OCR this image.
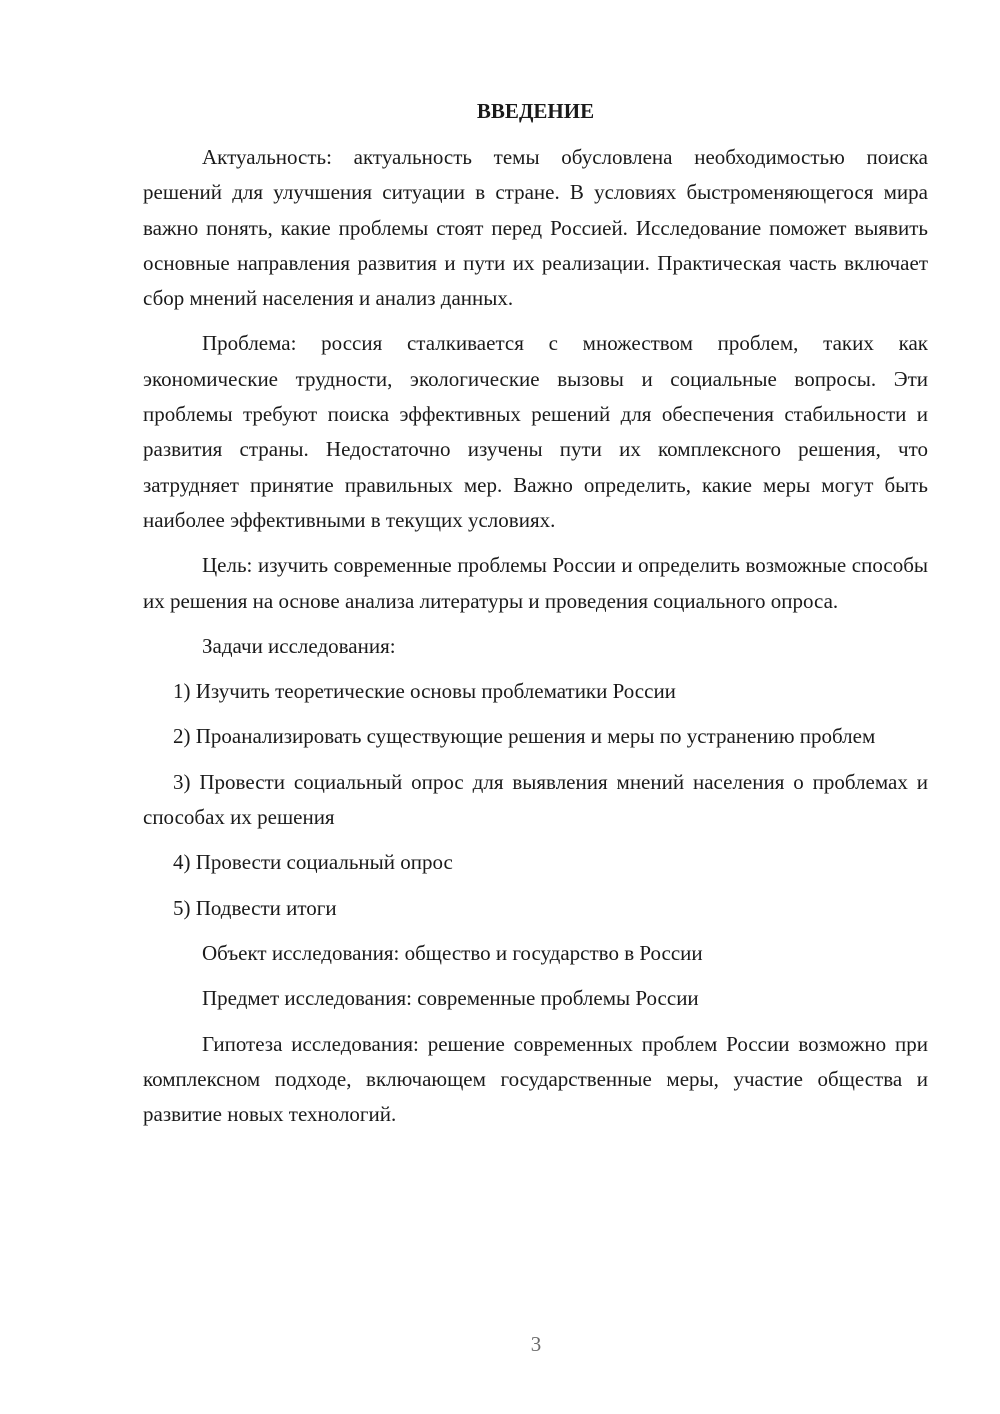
ВВЕДЕНИЕ

Актуальность: актуальность темы обусловлена необходимостью поиска решений для улучшения ситуации в стране. В условиях быстроменяющегося мира важно понять, какие проблемы стоят перед Россией. Исследование поможет выявить основные направления развития и пути их реализации. Практическая часть включает сбор мнений населения и анализ данных.

Проблема: россия сталкивается с множеством проблем, таких как экономические трудности, экологические вызовы и социальные вопросы. Эти проблемы требуют поиска эффективных решений для обеспечения стабильности и развития страны. Недостаточно изучены пути их комплексного решения, что затрудняет принятие правильных мер. Важно определить, какие меры могут быть наиболее эффективными в текущих условиях.

Цель: изучить современные проблемы России и определить возможные способы их решения на основе анализа литературы и проведения социального опроса.

Задачи исследования:

1) Изучить теоретические основы проблематики России

2) Проанализировать существующие решения и меры по устранению проблем

3) Провести социальный опрос для выявления мнений населения о проблемах и способах их решения

4) Провести социальный опрос

5) Подвести итоги

Объект исследования: общество и государство в России

Предмет исследования: современные проблемы России

Гипотеза исследования: решение современных проблем России возможно при комплексном подходе, включающем государственные меры, участие общества и развитие новых технологий.

3
